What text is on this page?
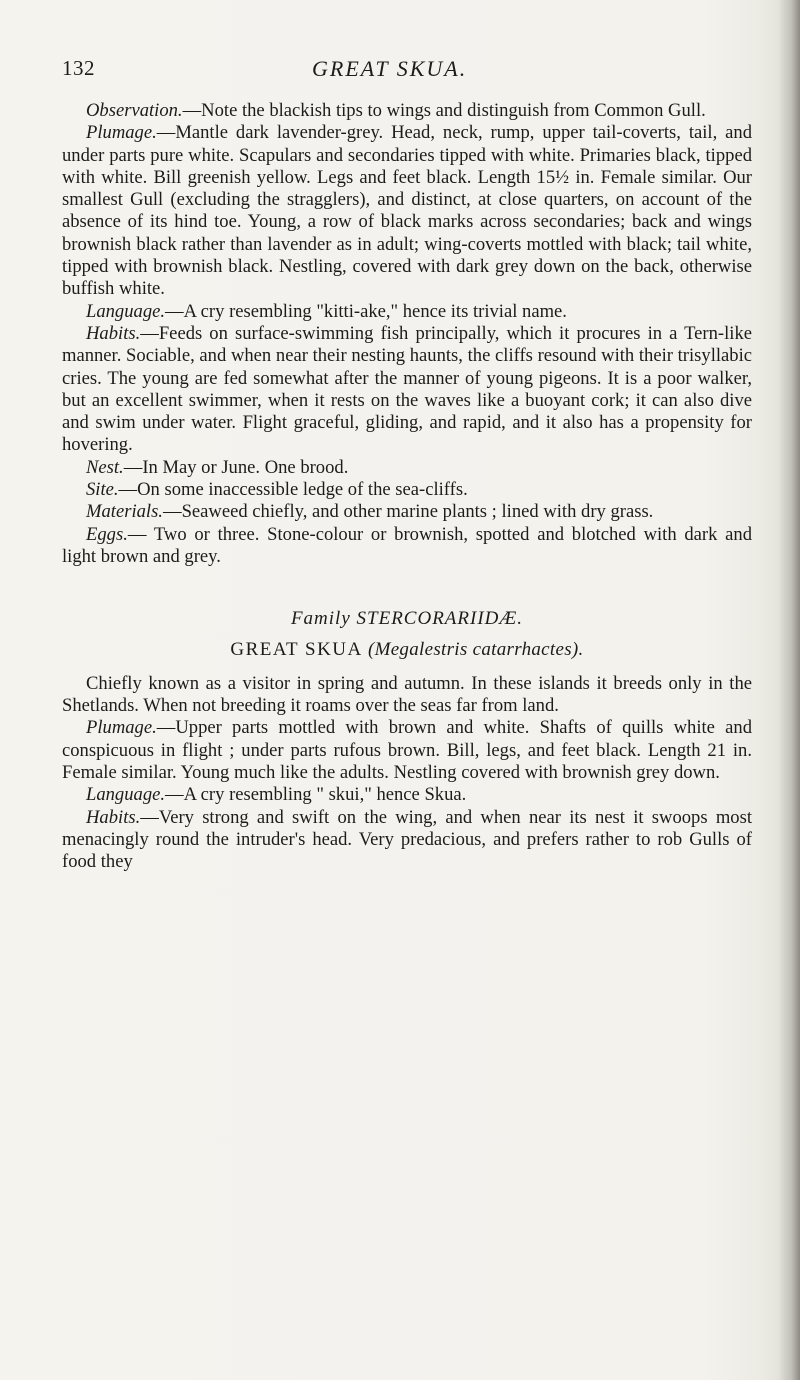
132	GREAT SKUA.

Observation.—Note the blackish tips to wings and distinguish from Common Gull.

Plumage.—Mantle dark lavender-grey. Head, neck, rump, upper tail-coverts, tail, and under parts pure white. Scapulars and secondaries tipped with white. Primaries black, tipped with white. Bill greenish yellow. Legs and feet black. Length 15½ in. Female similar. Our smallest Gull (excluding the stragglers), and distinct, at close quarters, on account of the absence of its hind toe. Young, a row of black marks across secondaries; back and wings brownish black rather than lavender as in adult; wing-coverts mottled with black; tail white, tipped with brownish black. Nestling, covered with dark grey down on the back, otherwise buffish white.

Language.—A cry resembling "kitti-ake," hence its trivial name.

Habits.—Feeds on surface-swimming fish principally, which it procures in a Tern-like manner. Sociable, and when near their nesting haunts, the cliffs resound with their trisyllabic cries. The young are fed somewhat after the manner of young pigeons. It is a poor walker, but an excellent swimmer, when it rests on the waves like a buoyant cork; it can also dive and swim under water. Flight graceful, gliding, and rapid, and it also has a propensity for hovering.

Nest.—In May or June. One brood.

Site.—On some inaccessible ledge of the sea-cliffs.

Materials.—Seaweed chiefly, and other marine plants ; lined with dry grass.

Eggs.— Two or three. Stone-colour or brownish, spotted and blotched with dark and light brown and grey.

Family STERCORARIIDÆ.
GREAT SKUA (Megalestris catarrhactes).

Chiefly known as a visitor in spring and autumn. In these islands it breeds only in the Shetlands. When not breeding it roams over the seas far from land.

Plumage.—Upper parts mottled with brown and white. Shafts of quills white and conspicuous in flight ; under parts rufous brown. Bill, legs, and feet black. Length 21 in. Female similar. Young much like the adults. Nestling covered with brownish grey down.

Language.—A cry resembling " skui," hence Skua.

Habits.—Very strong and swift on the wing, and when near its nest it swoops most menacingly round the intruder's head. Very predacious, and prefers rather to rob Gulls of food they
